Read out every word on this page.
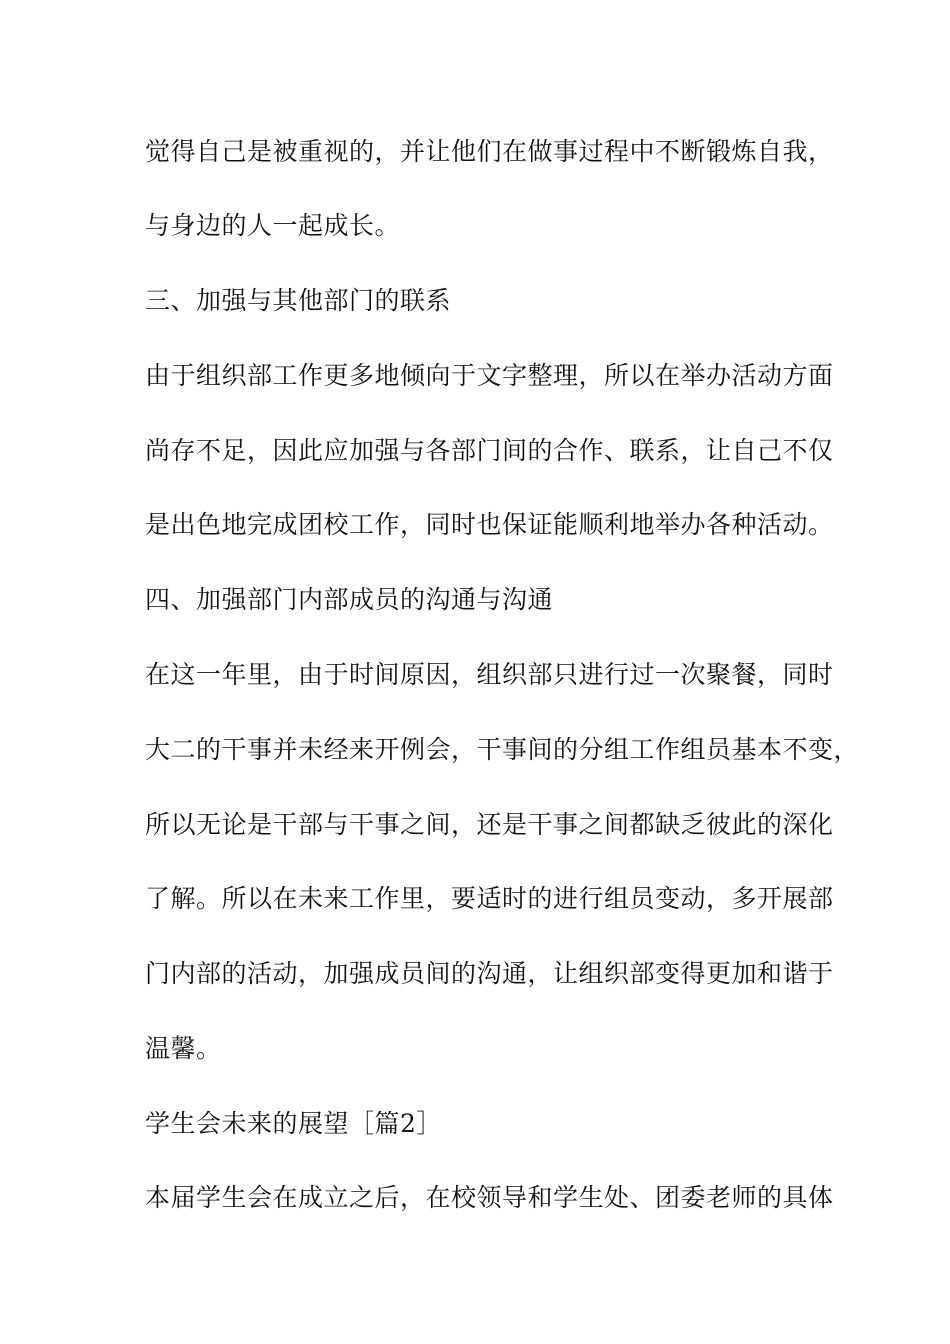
觉得自己是被重视的，并让他们在做事过程中不断锻炼自我，
与身边的人一起成长。
三、加强与其他部门的联系
由于组织部工作更多地倾向于文字整理，所以在举办活动方面
尚存不足，因此应加强与各部门间的合作、联系，让自己不仅
是出色地完成团校工作，同时也保证能顺利地举办各种活动。
四、加强部门内部成员的沟通与沟通
在这一年里，由于时间原因，组织部只进行过一次聚餐，同时
大二的干事并未经来开例会，干事间的分组工作组员基本不变，
所以无论是干部与干事之间，还是干事之间都缺乏彼此的深化
了解。所以在未来工作里，要适时的进行组员变动，多开展部
门内部的活动，加强成员间的沟通，让组织部变得更加和谐于
温馨。
学生会未来的展望［篇2］
本届学生会在成立之后，在校领导和学生处、团委老师的具体
